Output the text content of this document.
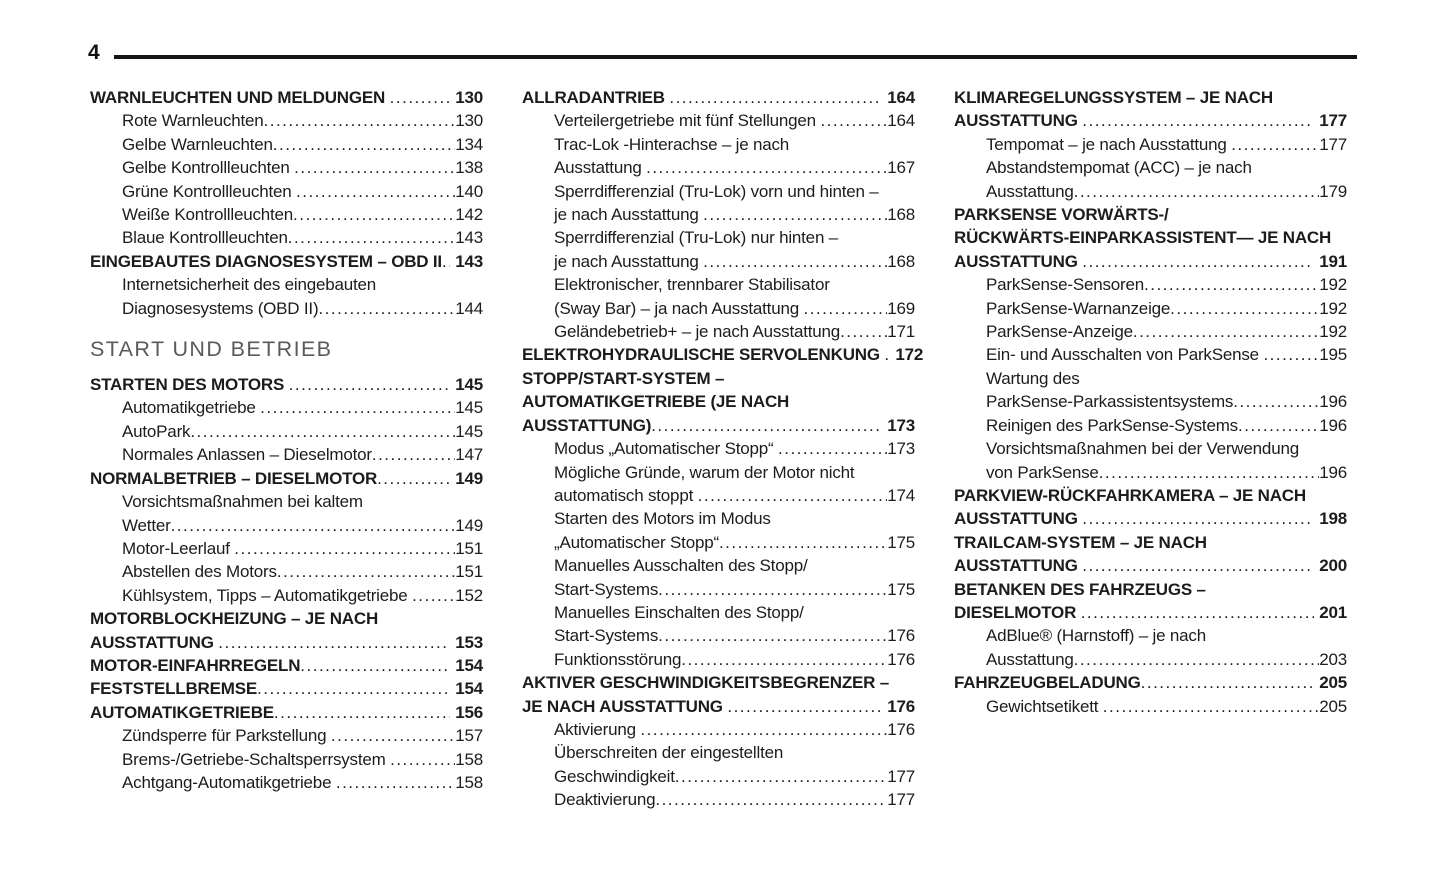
4
WARNLEUCHTEN UND MELDUNGEN .....	130
Rote Warnleuchten .....	130
Gelbe Warnleuchten .....	134
Gelbe Kontrollleuchten .....	138
Grüne Kontrollleuchten .....	140
Weiße Kontrollleuchten .....	142
Blaue Kontrollleuchten .....	143
EINGEBAUTES DIAGNOSESYSTEM – OBD II ..... 143
Internetsicherheit des eingebauten
Diagnosesystems (OBD II) .....	144
START UND BETRIEB
STARTEN DES MOTORS .....	145
Automatikgetriebe .....	145
AutoPark .....	145
Normales Anlassen – Dieselmotor .....	147
NORMALBETRIEB – DIESELMOTOR .....	149
Vorsichtsmaßnahmen bei kaltem
Wetter .....	149
Motor-Leerlauf .....	151
Abstellen des Motors .....	151
Kühlsystem, Tipps – Automatikgetriebe .....	152
MOTORBLOCKHEIZUNG – JE NACH
AUSSTATTUNG .....	153
MOTOR-EINFAHRREGELN .....	154
FESTSTELLBREMSE .....	154
AUTOMATIKGETRIEBE .....	156
Zündsperre für Parkstellung .....	157
Brems-/Getriebe-Schaltsperrsystem .....	158
Achtgang-Automatikgetriebe .....	158
ALLRADANTRIEB .....	164
Verteilergetriebe mit fünf Stellungen .....	164
Trac-Lok -Hinterachse – je nach
Ausstattung .....	167
Sperrdifferenzial (Tru-Lok) vorn und hinten –
je nach Ausstattung .....	168
Sperrdifferenzial (Tru-Lok) nur hinten –
je nach Ausstattung .....	168
Elektronischer, trennbarer Stabilisator
(Sway Bar) – ja nach Ausstattung .....	169
Geländebetrieb+ – je nach Ausstattung .....	171
ELEKTROHYDRAULISCHE SERVOLENKUNG ..... 172
STOPP/START-SYSTEM –
AUTOMATIKGETRIEBE (JE NACH
AUSSTATTUNG) .....	173
Modus „Automatischer Stopp“ .....	173
Mögliche Gründe, warum der Motor nicht
automatisch stoppt .....	174
Starten des Motors im Modus
„Automatischer Stopp“ .....	175
Manuelles Ausschalten des Stopp/
Start-Systems .....	175
Manuelles Einschalten des Stopp/
Start-Systems .....	176
Funktionsstörung .....	176
AKTIVER GESCHWINDIGKEITSBEGRENZER –
JE NACH AUSSTATTUNG .....	176
Aktivierung .....	176
Überschreiten der eingestellten
Geschwindigkeit .....	177
Deaktivierung .....	177
KLIMAREGELUNGSSYSTEM – JE NACH
AUSSTATTUNG .....	177
Tempomat – je nach Ausstattung .....	177
Abstandstempomat (ACC) – je nach
Ausstattung .....	179
PARKSENSE VORWÄRTS-/
RÜCKWÄRTS-EINPARKASSISTENT— JE NACH
AUSSTATTUNG .....	191
ParkSense-Sensoren .....	192
ParkSense-Warnanzeige .....	192
ParkSense-Anzeige .....	192
Ein- und Ausschalten von ParkSense .....	195
Wartung des
ParkSense-Parkassistentsystems .....	196
Reinigen des ParkSense-Systems .....	196
Vorsichtsmaßnahmen bei der Verwendung
von ParkSense .....	196
PARKVIEW-RÜCKFAHRKAMERA – JE NACH
AUSSTATTUNG .....	198
TRAILCAM-SYSTEM – JE NACH
AUSSTATTUNG .....	200
BETANKEN DES FAHRZEUGS –
DIESELMOTOR .....	201
AdBlue® (Harnstoff) – je nach
Ausstattung .....	203
FAHRZEUGBELADUNG .....	205
Gewichtsetikett .....	205
